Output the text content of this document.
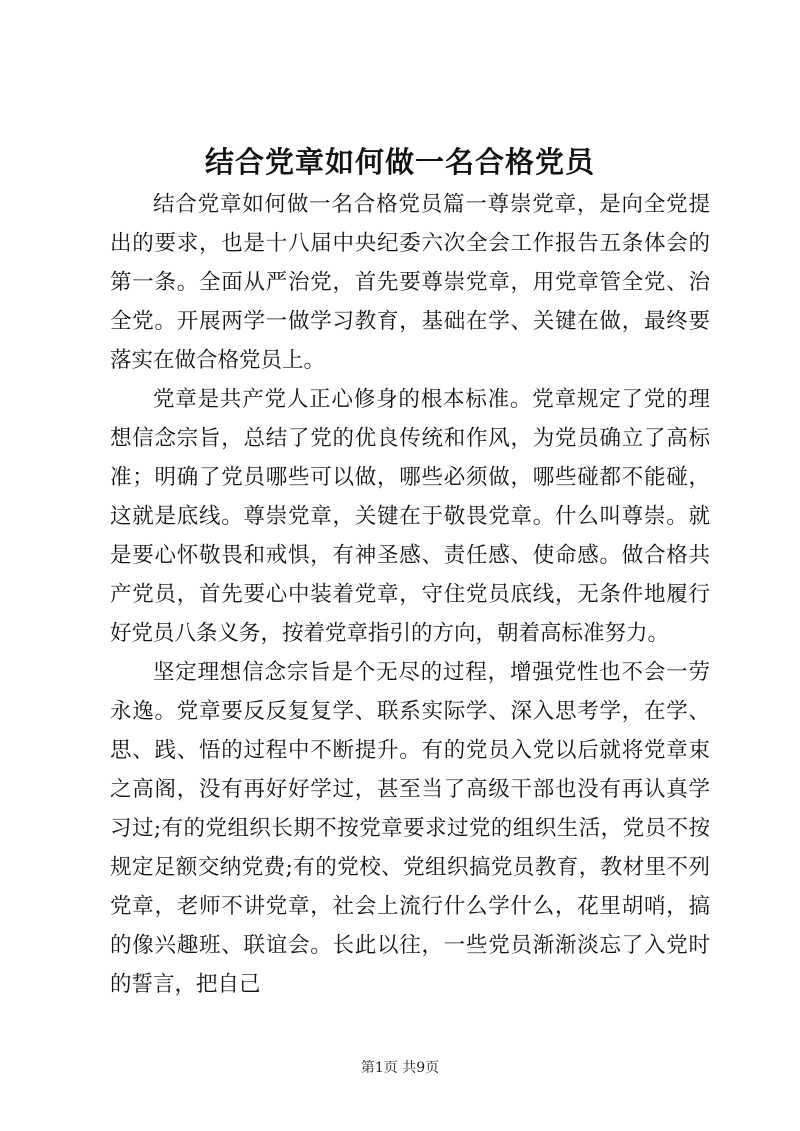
结合党章如何做一名合格党员

结合党章如何做一名合格党员篇一尊崇党章，是向全党提出的要求，也是十八届中央纪委六次全会工作报告五条体会的第一条。全面从严治党，首先要尊崇党章，用党章管全党、治全党。开展两学一做学习教育，基础在学、关键在做，最终要落实在做合格党员上。

党章是共产党人正心修身的根本标准。党章规定了党的理想信念宗旨，总结了党的优良传统和作风，为党员确立了高标准；明确了党员哪些可以做，哪些必须做，哪些碰都不能碰，这就是底线。尊崇党章，关键在于敬畏党章。什么叫尊崇。就是要心怀敬畏和戒惧，有神圣感、责任感、使命感。做合格共产党员，首先要心中装着党章，守住党员底线，无条件地履行好党员八条义务，按着党章指引的方向，朝着高标准努力。

坚定理想信念宗旨是个无尽的过程，增强党性也不会一劳永逸。党章要反反复复学、联系实际学、深入思考学，在学、思、践、悟的过程中不断提升。有的党员入党以后就将党章束之高阁，没有再好好学过，甚至当了高级干部也没有再认真学习过;有的党组织长期不按党章要求过党的组织生活，党员不按规定足额交纳党费;有的党校、党组织搞党员教育，教材里不列党章，老师不讲党章，社会上流行什么学什么，花里胡哨，搞的像兴趣班、联谊会。长此以往，一些党员渐渐淡忘了入党时的誓言，把自己

第1页 共9页
